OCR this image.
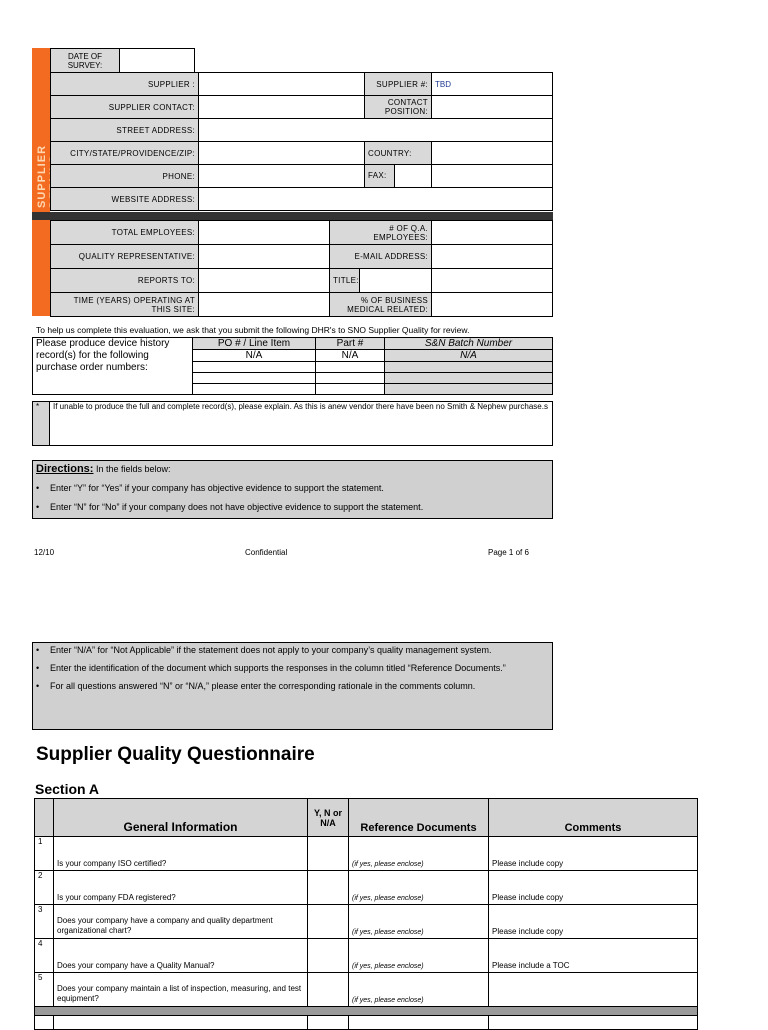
SUPPLIER
DATE OF SURVEY:	
SUPPLIER :		SUPPLIER #:	TBD
SUPPLIER CONTACT:		CONTACT POSITION:	
STREET ADDRESS:			
CITY/STATE/PROVIDENCE/ZIP:		COUNTRY:	
PHONE:		FAX:	

WEBSITE ADDRESS:			
TOTAL EMPLOYEES:		# OF Q.A. EMPLOYEES:	
QUALITY REPRESENTATIVE:		E-MAIL ADDRESS:	
REPORTS TO:		TITLE:	

TIME (YEARS) OPERATING AT THIS SITE:		% OF BUSINESS MEDICAL RELATED:	
To help us complete this evaluation, we ask that you submit the following DHR's to SNO Supplier Quality for review.
Please produce device history record(s) for the following purchase order numbers:	PO # / Line Item	Part #	S&N Batch Number
	N/A	N/A	N/A

*	If unable to produce the full and complete record(s), please explain. As this is anew vendor there have been no Smith & Nephew purchase.s
Directions: In the fields below:
• Enter “Y” for “Yes” if your company has objective evidence to support the statement.
• Enter “N” for “No” if your company does not have objective evidence to support the statement.
12/10	Confidential	Page 1 of 6
• Enter “N/A” for “Not Applicable” if the statement does not apply to your company’s quality management system.
• Enter the identification of the document which supports the responses in the column titled “Reference Documents.”
• For all questions answered “N” or “N/A,” please enter the corresponding rationale in the comments column.
Supplier Quality Questionnaire
Section A
	General Information	Y, N or N/A	Reference Documents	Comments
1	Is your company ISO certified?		(if yes, please enclose)	Please include copy
2	Is your company FDA registered?		(if yes, please enclose)	Please include copy
3	Does your company have a company and quality department organizational chart?		(if yes, please enclose)	Please include copy
4	Does your company have a Quality Manual?		(if yes, please enclose)	Please include a TOC
5	Does your company maintain a list of inspection, measuring, and test equipment?		(if yes, please enclose)	
